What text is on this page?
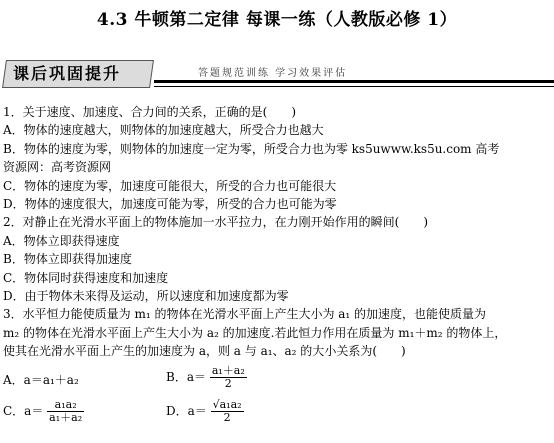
4.3 牛顿第二定律 每课一练（人教版必修 1）
课后巩固提升	答题规范训练 学习效果评估
1．关于速度、加速度、合力间的关系，正确的是(　　)
A．物体的速度越大，则物体的加速度越大，所受合力也越大
B．物体的速度为零，则物体的加速度一定为零，所受合力也为零 ks5uwww.ks5u.com 高考
资源网：高考资源网
C．物体的速度为零，加速度可能很大，所受的合力也可能很大
D．物体的速度很大，加速度可能为零，所受的合力也可能为零
2．对静止在光滑水平面上的物体施加一水平拉力，在力刚开始作用的瞬间(　　)
A．物体立即获得速度
B．物体立即获得加速度
C．物体同时获得速度和加速度
D．由于物体未来得及运动，所以速度和加速度都为零
3．水平恒力能使质量为 m₁ 的物体在光滑水平面上产生大小为 a₁ 的加速度，也能使质量为
m₂ 的物体在光滑水平面上产生大小为 a₂ 的加速度.若此恒力作用在质量为 m₁＋m₂ 的物体上，
使其在光滑水平面上产生的加速度为 a，则 a 与 a₁、a₂ 的大小关系为(　　)
A．a＝a₁＋a₂	B．$a= \frac{\text{a₁＋a₂}}{2}$
C．$a= \frac{\text{a₁a₂}}{\text{a₁＋a₂}}$	D．$a= \frac{\text{√a₁a₂}}{2}$
